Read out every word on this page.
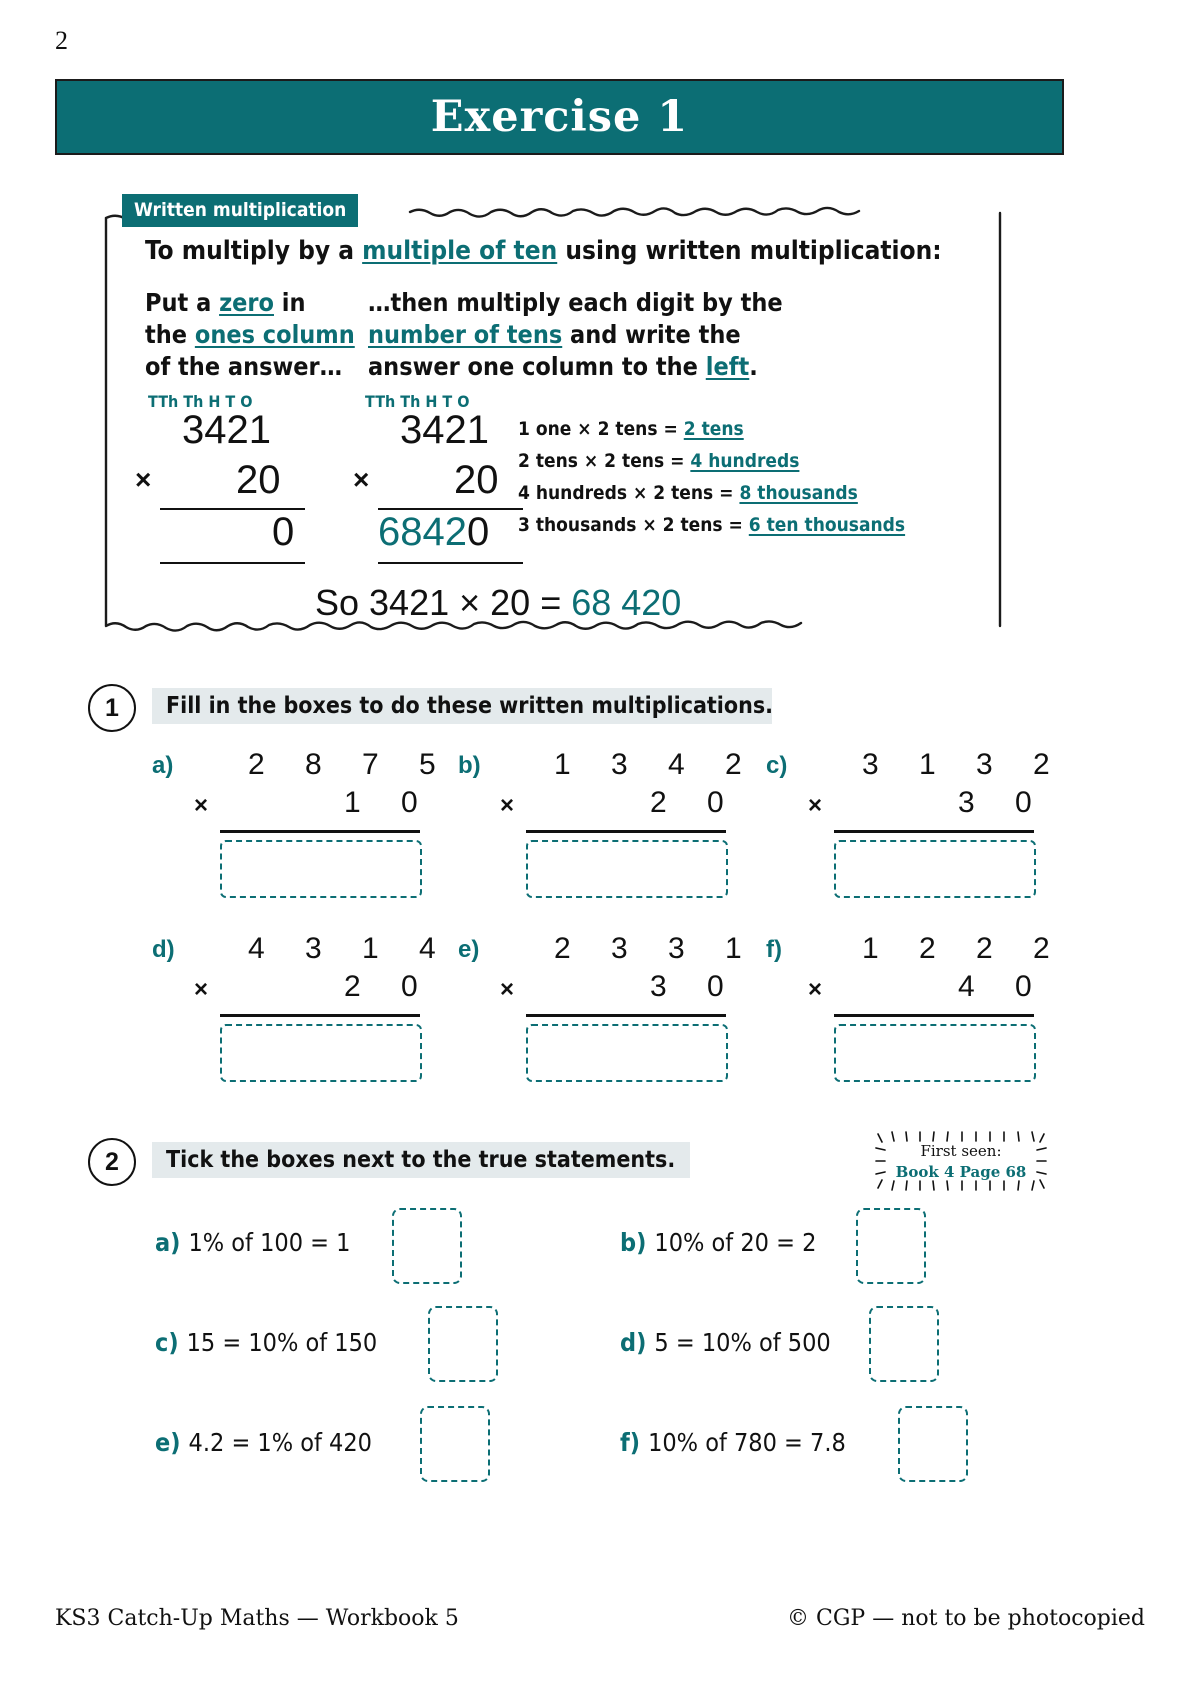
2
Exercise 1
Written multiplication
To multiply by a multiple of ten using written multiplication:
Put a zero in
the ones column
of the answer…
…then multiply each digit by the
number of tens and write the
answer one column to the left.
TTh Th H T O
3421
× 20
0
TTh Th H T O
3421
× 20
68420
1 one × 2 tens = 2 tens
2 tens × 2 tens = 4 hundreds
4 hundreds × 2 tens = 8 thousands
3 thousands × 2 tens = 6 ten thousands
So 3421 × 20 = 68 420
1 Fill in the boxes to do these written multiplications.
a) 2 8 7 5
×	1 0
b) 1 3 4 2
×	2 0
c) 3 1 3 2
×	3 0
d) 4 3 1 4
×	2 0
e) 2 3 3 1
×	3 0
f)	1 2 2 2
×	4 0
2 Tick the boxes next to the true statements.	First seen:
Book 4 Page 68
a) 1% of 100 = 1	b) 10% of 20 = 2
c) 15 = 10% of 150	d) 5 = 10% of 500
e) 4.2 = 1% of 420	f) 10% of 780 = 7.8
KS3 Catch-Up Maths — Workbook 5	© CGP — not to be photocopied
